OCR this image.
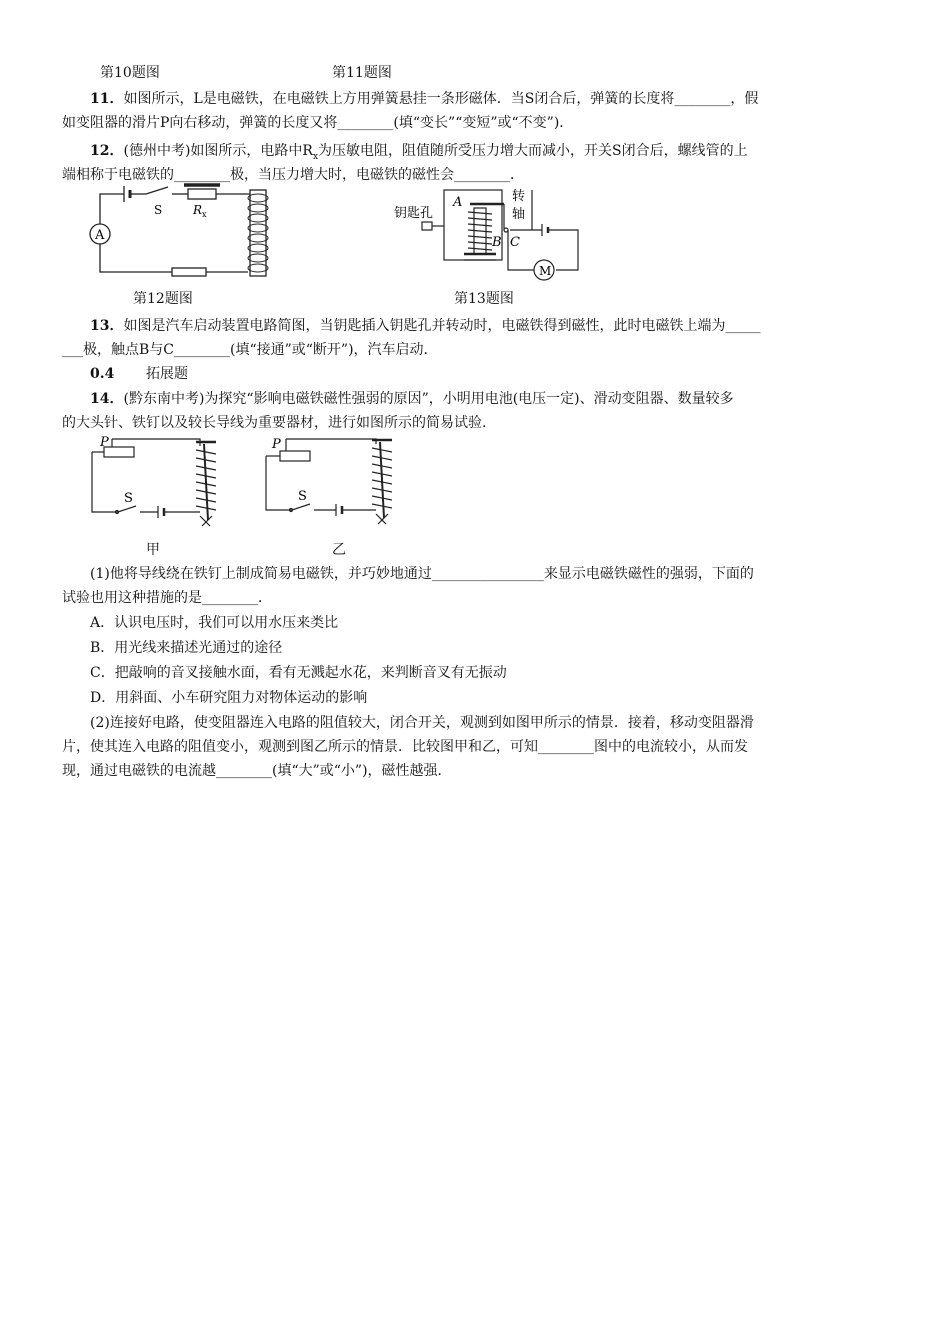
第10题图	第11题图
11．如图所示，L是电磁铁，在电磁铁上方用弹簧悬挂一条形磁体．当S闭合后，弹簧的长度将________，假
如变阻器的滑片P向右移动，弹簧的长度又将________(填“变长”“变短”或“不变”)．
12．(德州中考)如图所示，电路中$R_x$为压敏电阻，阻值随所受压力增大而减小，开关S闭合后，螺线管的上
端相称于电磁铁的________极，当压力增大时，电磁铁的磁性会________．
A
S	R x	钥匙孔
A
B C
转
轴
M
第12题图	第13题图
13．如图是汽车启动装置电路简图，当钥匙插入钥匙孔并转动时，电磁铁得到磁性，此时电磁铁上端为_____
___极，触点B与C________(填“接通”或“断开”)，汽车启动．
0.4 拓展题
14．(黔东南中考)为探究“影响电磁铁磁性强弱的原因”，小明用电池(电压一定)、滑动变阻器、数量较多
的大头针、铁钉以及较长导线为重要器材，进行如图所示的简易试验．
P
S
P
S
甲	乙
(1)他将导线绕在铁钉上制成简易电磁铁，并巧妙地通过________________来显示电磁铁磁性的强弱，下面的
试验也用这种措施的是________．
A．认识电压时，我们可以用水压来类比
B．用光线来描述光通过的途径
C．把敲响的音叉接触水面，看有无溅起水花，来判断音叉有无振动
D．用斜面、小车研究阻力对物体运动的影响
(2)连接好电路，使变阻器连入电路的阻值较大，闭合开关，观测到如图甲所示的情景．接着，移动变阻器滑
片，使其连入电路的阻值变小，观测到图乙所示的情景．比较图甲和乙，可知________图中的电流较小，从而发
现，通过电磁铁的电流越________(填“大”或“小”)，磁性越强．
